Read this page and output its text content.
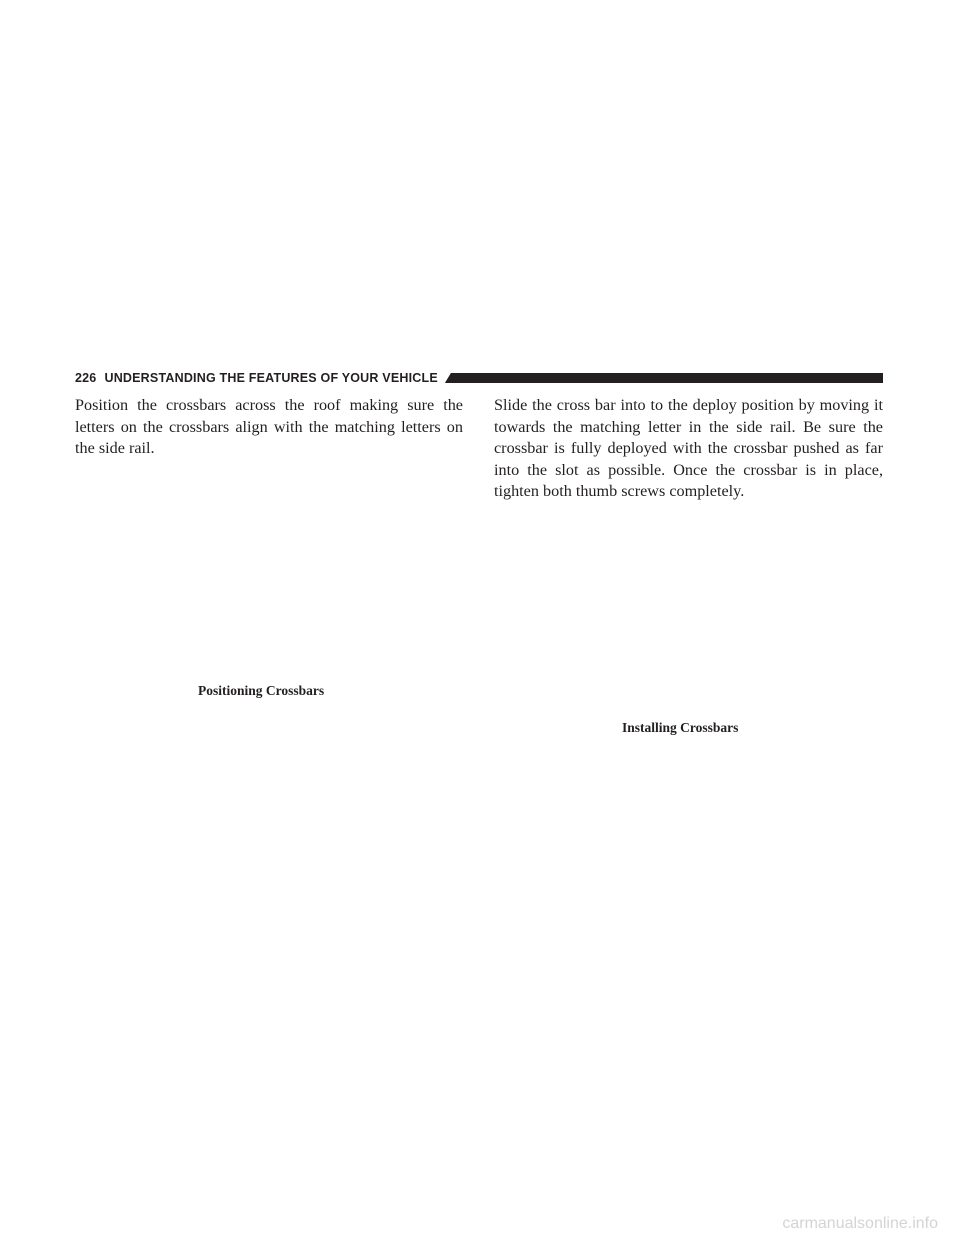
226 UNDERSTANDING THE FEATURES OF YOUR VEHICLE
Position the crossbars across the roof making sure the letters on the crossbars align with the matching letters on the side rail.
Slide the cross bar into to the deploy position by moving it towards the matching letter in the side rail. Be sure the crossbar is fully deployed with the crossbar pushed as far into the slot as possible. Once the crossbar is in place, tighten both thumb screws completely.
Positioning Crossbars
Installing Crossbars
carmanualsonline.info
